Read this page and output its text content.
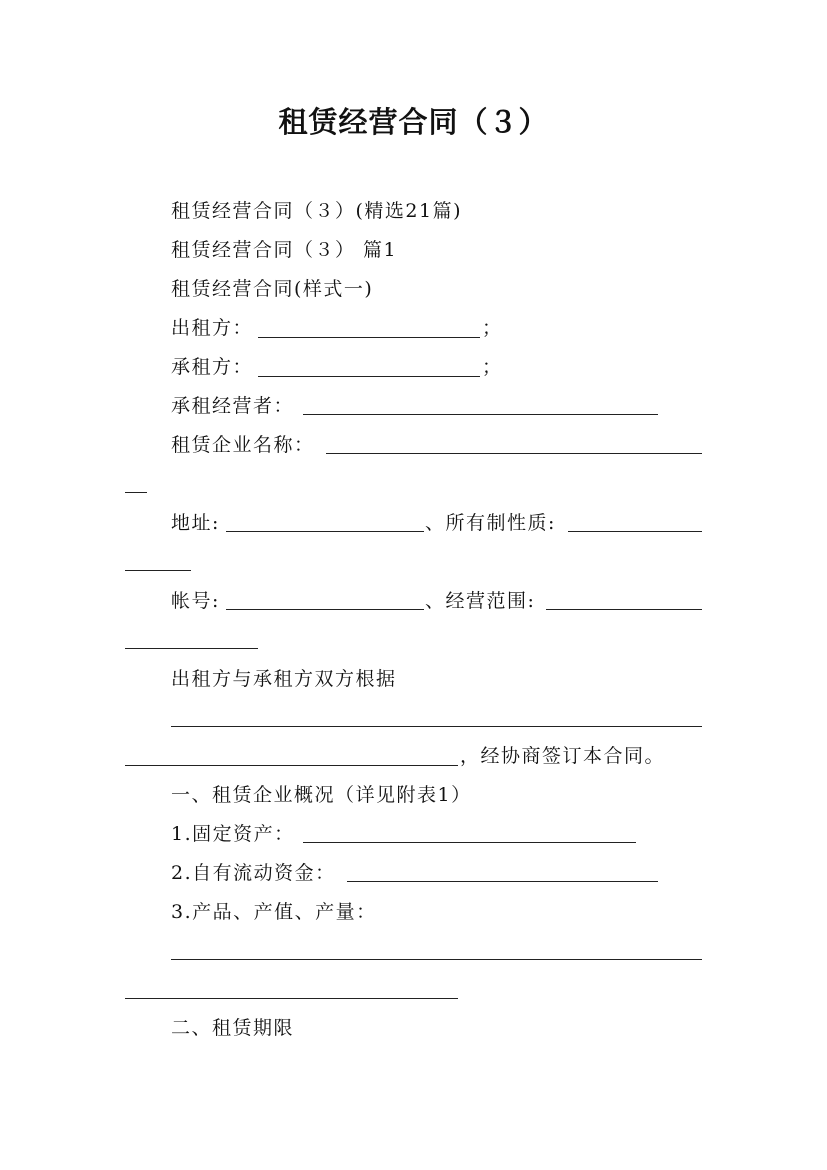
租赁经营合同（３）
租赁经营合同（３）(精选21篇)
租赁经营合同（３） 篇1
租赁经营合同(样式一)
出租方：	；
承租方：	；
承租经营者：
租赁企业名称：
地址:	、所有制性质:
帐号:	、经营范围:
出租方与承租方双方根据
，经协商签订本合同。
一、租赁企业概况（详见附表1）
1.固定资产：
2.自有流动资金：
3.产品、产值、产量：
二、租赁期限
